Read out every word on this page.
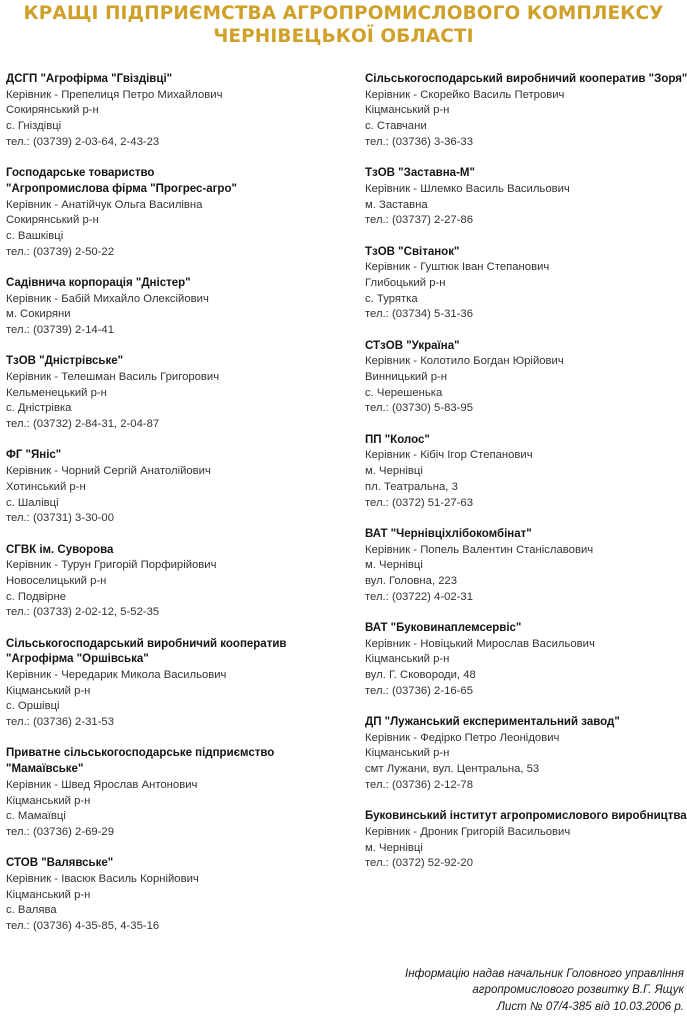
КРАЩІ ПІДПРИЄМСТВА АГРОПРОМИСЛОВОГО КОМПЛЕКСУ
ЧЕРНІВЕЦЬКОЇ ОБЛАСТІ
ДСГП "Агрофірма "Гвіздівці"
Керівник - Препелиця Петро Михайлович
Сокирянський р-н
с. Гніздівці
тел.: (03739) 2-03-64, 2-43-23
Господарське товариство
"Агропромислова фірма "Прогрес-агро"
Керівник - Анатійчук Ольга Василівна
Сокирянський р-н
с. Вашківці
тел.: (03739) 2-50-22
Садівнича корпорація "Дністер"
Керівник - Бабій Михайло Олексійович
м. Сокиряни
тел.: (03739) 2-14-41
ТзОВ "Дністрівське"
Керівник - Телешман Василь Григорович
Кельменецький р-н
с. Дністрівка
тел.: (03732) 2-84-31, 2-04-87
ФГ "Яніс"
Керівник - Чорний Сергій Анатолійович
Хотинський р-н
с. Шалівці
тел.: (03731) 3-30-00
СГВК ім. Суворова
Керівник - Турун Григорій Порфирійович
Новоселицький р-н
с. Подвірне
тел.: (03733) 2-02-12, 5-52-35
Сільськогосподарський виробничий кооператив
"Агрофірма "Оршівська"
Керівник - Чередарик Микола Васильович
Кіцманський р-н
с. Оршівці
тел.: (03736) 2-31-53
Приватне сільськогосподарське підприємство
"Мамаївське"
Керівник - Швед Ярослав Антонович
Кіцманський р-н
с. Мамаївці
тел.: (03736) 2-69-29
СТОВ "Валявське"
Керівник - Івасюк Василь Корнійович
Кіцманський р-н
с. Валява
тел.: (03736) 4-35-85, 4-35-16
Сільськогосподарський виробничий кооператив "Зоря"
Керівник - Скорейко Василь Петрович
Кіцманський р-н
с. Ставчани
тел.: (03736) 3-36-33
ТзОВ "Заставна-М"
Керівник - Шлемко Василь Васильович
м. Заставна
тел.: (03737) 2-27-86
ТзОВ "Світанок"
Керівник - Гуштюк Іван Степанович
Глибоцький р-н
с. Турятка
тел.: (03734) 5-31-36
СТзОВ "Україна"
Керівник - Колотило Богдан Юрійович
Винницький р-н
с. Черешенька
тел.: (03730) 5-83-95
ПП "Колос"
Керівник - Кібіч Ігор Степанович
м. Чернівці
пл. Театральна, 3
тел.: (0372) 51-27-63
ВАТ "Чернівціхлібокомбінат"
Керівник - Попель Валентин Станіславович
м. Чернівці
вул. Головна, 223
тел.: (03722) 4-02-31
ВАТ "Буковинаплемсервіс"
Керівник - Новіцький Мирослав Васильович
Кіцманський р-н
вул. Г. Сковороди, 48
тел.: (03736) 2-16-65
ДП "Лужанський експериментальний завод"
Керівник - Федірко Петро Леонідович
Кіцманський р-н
смт Лужани, вул. Центральна, 53
тел.: (03736) 2-12-78
Буковинський інститут агропромислового виробництва
Керівник - Дроник Григорій Васильович
м. Чернівці
тел.: (0372) 52-92-20
Інформацію надав начальник Головного управління
агропромислового розвитку В.Г. Ящук
Лист № 07/4-385 від 10.03.2006 р.
